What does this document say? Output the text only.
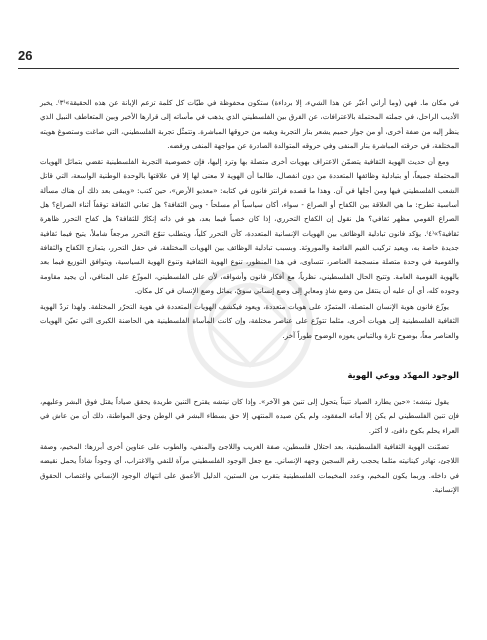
26

في مكان ما. فهي (وما أراني أعبّر عن هذا الشيء، إلا برداءة) ستكون محفوظة في طيّات كل كلمة تزعم الإبانة عن هذه الحقيقة»⁽٣⁾. يخبر الأديب الراحل، في جملته المحتملة بالاعترافات، عن الفرق بين الفلسطيني الذي يذهب في مأساته إلى قرارها الأخير وبين المتعاطف النبيل الذي ينظر إليه من ضفة أخرى، أو من جوار حميم يشعر بنار التجربة ويقيه من حروقها المباشرة. وتتمثّل تجربة الفلسطيني، التي صاغت وستصوغ هويته المختلفة، في حرقته المباشرة بنار المنفى وفي حروقه المتوالدة الصادرة عن مواجهة المنفى ورفضه.

ومع أن حديث الهوية الثقافية يتضمّن الاعتراف بهويات أخرى متصلة بها وترد إليها، فإن خصوصية التجربة الفلسطينية تقضي بتماثل الهويات المحتملة جميعاً، أو بتبادلية وظائفها المتعددة من دون انفصال، طالما أن الهوية لا معنى لها إلا في علاقتها بالوحدة الوطنية الواسعة، التي قاتل الشعب الفلسطيني فيها ومن أجلها في آن. وهذا ما قصده فرانتز فانون في كتابه: «معذبو الأرض»، حين كتب: «ويبقى بعد ذلك أن هناك مسألة أساسية تطرح: ما هي العلاقة بين الكفاح أو الصراع - سواء، أكان سياسياً أم مسلحاً - وبين الثقافة؟ هل تعاني الثقافة توقفاً أثناء الصراع؟ هل الصراع القومي مظهر ثقافي؟ هل نقول إن الكفاح التحرري، إذا كان خصباً فيما بعد، هو في ذاته إنكارٌ للثقافة؟ هل كفاح التحرر ظاهرة ثقافية؟»⁽٤⁾. يؤكد فانون تبادلية الوظائف بين الهويات الإنسانية المتعددة، كأن التحرر كلياً، ويتطلب تنوّع التحرر مرجعاً شاملاً، يتيح فيما ثقافية جديدة خاصة به، ويعيد تركيب القيم القائمة والموروثة. وبسبب تبادلية الوظائف بين الهويات المختلفة، في حقل التحرر، يتمازج الكفاح والثقافة والقومية في وحدة متصلة منسجمة العناصر، تتساوى، في هذا المنظور، تنوع الهوية الثقافية وتنوع الهوية السياسية، ويتوافق التوزيع فيما بعد بالهوية القومية العامة. وتتيح الحال الفلسطيني، نظرياً، مع أفكار فانون وأشواقه، لأن على الفلسطيني، الموزّع على المنافي، أن يجيد مقاومة وجوده كله، أي أن عليه أن ينتقل من وضع شاذٍ ومعايرٍ إلى وضع إنساني سويّ، يماثل وضع الإنسان في كل مكان.

يوزّع فانون هوية الإنسان المتصلة، المتمرّد على هويات متعددة، ويعود فيكشف الهويات المتعددة في هوية التحرّر المختلفة. ولهذا تردّ الهوية الثقافية الفلسطينية إلى هويات أخرى، مثلما تتوزّع على عناصر مختلفة، وإن كانت المأساة الفلسطينية هي الحاضنة الكبرى التي تعيّن الهويات والعناصر معاً، بوضوح تارة وبالتباس يعوزه الوضوح طوراً آخر.

الوجود المهدّد ووعي الهوية

يقول نيتشه: «حين يطارد الصياد تنيناً يتحول إلى تنين هو الآخر». وإذا كان نيتشه يقترح التنين طريدة يحقق صياداً يقتل فوق البشر وعليهم، فإن تنين الفلسطيني لم يكن إلا أمانه المفقود، ولم يكن صيده المنتهي إلا حق بسطاء البشر في الوطن وحق المواطنة، ذلك أن من عاش في العراء يحلم بكوخ دافئ، لا أكثر.

تضمّنت الهوية الثقافية الفلسطينية، بعد احتلال فلسطين، صفة الغريب واللاجئ والمنفي، والطوب على عناوين أخرى أبرزها: المخيم، وصفة اللاجئ، تهادر كينانيته مثلما يحجب رقم السجين وجهه الإنساني. مع جعل الوجود الفلسطيني مرآة للنفي والاغتراب، أي وجوداً شاذاً يحمل نقيضه في داخله. وربما يكون المخيم، وعدد المخيمات الفلسطينية بتقرب من الستين، الدليل الأعمق على انتهاك الوجود الإنساني واغتصاب الحقوق الإنسانية.
